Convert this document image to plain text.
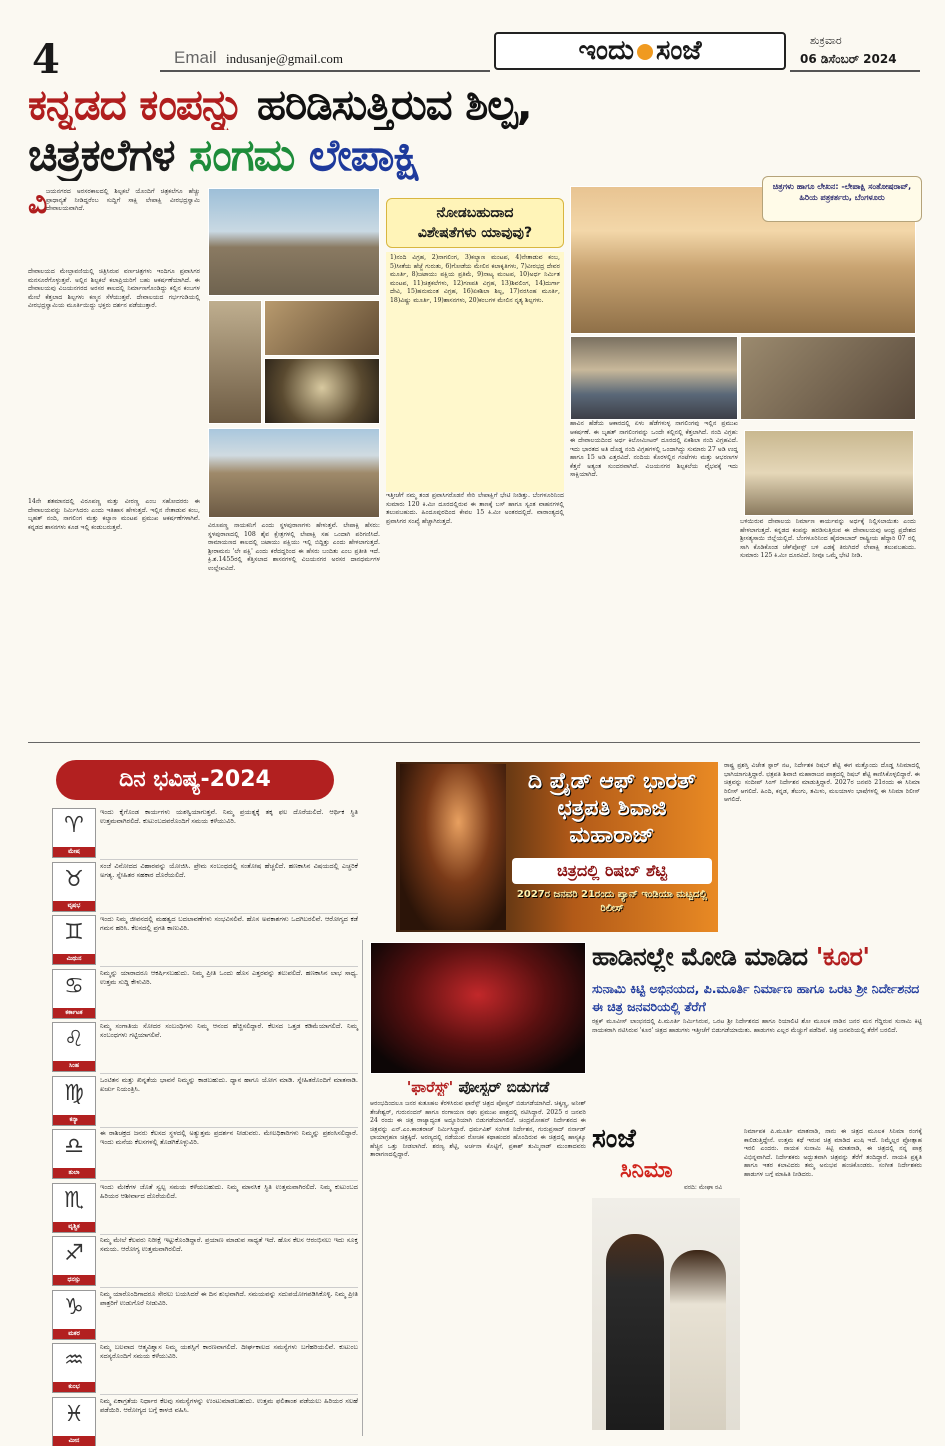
4	Email indusanje@gmail.com	ಇಂದು ಸಂಜೆ	ಶುಕ್ರವಾರ
06 ಡಿಸೆಂಬರ್ 2024
ಕನ್ನಡದ ಕಂಪನ್ನು ಹರಿಡಿಸುತ್ತಿರುವ ಶಿಲ್ಪ,
ಚಿತ್ರಕಲೆಗಳ ಸಂಗಮ ಲೇಪಾಕ್ಷಿ
ವಿ
ಜಯನಗರದ ಅರಸರಕಾಲದಲ್ಲಿ ಶಿಲ್ಪಕಲೆ ಯೊಂದಿಗೆ ಚಿತ್ರಕಲೆಗೂ ಹೆಚ್ಚು ಪ್ರಾಧಾನ್ಯತೆ ನೀಡಿದ್ದರೆಂಬ ಸುದ್ದಿಗೆ ಸಾಕ್ಷಿ ಲೇಪಾಕ್ಷಿ ವೀರಭದ್ರಸ್ವಾಮಿ ದೇವಾಲಯವಾಗಿದೆ.
ದೇವಾಲಯದ ಮೇಲ್ಛಾವಣಿಯಲ್ಲಿ ಚಿತ್ರಿಸಿರುವ ವರ್ಣಚಿತ್ರಗಳು ಇಂದಿಗೂ ಪ್ರವಾಸಿಗರ ಮನಸೂರೆಗೊಳ್ಳುತ್ತವೆ. ಅಲ್ಲಿನ ಶಿಲ್ಪಕಲೆ ಕಲಾಪ್ರಿಯರಿಗೆ ಬಹು ಆಕರ್ಷಣೆಯಾಗಿದೆ. ಈ ದೇವಾಲಯವು ವಿಜಯನಗರದ ಅರಸರ ಕಾಲದಲ್ಲಿ ನಿರ್ಮಾಣಗೊಂಡಿದ್ದು ಕಲ್ಲಿನ ಕಂಬಗಳ ಮೇಲೆ ಕೆತ್ತಲಾದ ಶಿಲ್ಪಗಳು ಕಣ್ಮನ ಸೆಳೆಯುತ್ತವೆ. ದೇವಾಲಯದ ಗರ್ಭಗುಡಿಯಲ್ಲಿ ವೀರಭದ್ರಸ್ವಾಮಿಯ ಮೂರ್ತಿಯಿದ್ದು ಭಕ್ತರು ದರ್ಶನ ಪಡೆಯುತ್ತಾರೆ.
14ನೇ ಶತಮಾನದಲ್ಲಿ ವಿರೂಪಣ್ಣ ಮತ್ತು ವೀರಣ್ಣ ಎಂಬ ಸಹೋದರರು ಈ ದೇವಾಲಯವನ್ನು ನಿರ್ಮಿಸಿದರು ಎಂದು ಇತಿಹಾಸ ಹೇಳುತ್ತದೆ. ಇಲ್ಲಿನ ನೇತಾಡುವ ಕಂಬ, ಬೃಹತ್ ನಂದಿ, ನಾಗಲಿಂಗ ಮತ್ತು ಕಲ್ಯಾಣ ಮಂಟಪ ಪ್ರಮುಖ ಆಕರ್ಷಣೆಗಳಾಗಿವೆ. ಕನ್ನಡದ ಶಾಸನಗಳು ಕೂಡ ಇಲ್ಲಿ ಕಂಡುಬರುತ್ತವೆ.	ವಿರೂಪಣ್ಣ ನಾಯಕನಿಗೆ ಎಂದು ಸ್ಥಳಪುರಾಣಗಳು ಹೇಳುತ್ತವೆ. ಲೇಪಾಕ್ಷಿ ಹೆಸರು: ಸ್ಥಳಪುರಾಣದಲ್ಲಿ 108 ಶೈವ ಕ್ಷೇತ್ರಗಳಲ್ಲಿ ಲೇಪಾಕ್ಷಿ ಸಹ ಒಂದಾಗಿ ಪರಿಗಣಿಸಿದೆ. ರಾಮಾಯಣದ ಕಾಲದಲ್ಲಿ ಜಟಾಯು ಪಕ್ಷಿಯು ಇಲ್ಲಿ ಬಿದ್ದಿತ್ತು ಎಂದು ಹೇಳಲಾಗುತ್ತದೆ. ಶ್ರೀರಾಮನು 'ಲೇ ಪಕ್ಷಿ' ಎಂದು ಕರೆದದ್ದರಿಂದ ಈ ಹೆಸರು ಬಂದಿತು ಎಂಬ ಪ್ರತೀತಿ ಇದೆ. ಕ್ರಿ.ಶ.1455ರಲ್ಲಿ ಕೆತ್ತಿಸಲಾದ ಶಾಸನಗಳಲ್ಲಿ ವಿಜಯನಗರ ಅರಸರ ದಾನಧರ್ಮಗಳ ಉಲ್ಲೇಖವಿದೆ.
ನೋಡಬಹುದಾದ
ವಿಶೇಷತೆಗಳು ಯಾವುವು?
1)ನಂದಿ ವಿಗ್ರಹ, 2)ನಾಗಲಿಂಗ, 3)ಕಲ್ಯಾಣ ಮಂಟಪ, 4)ನೇತಾಡುವ ಕಂಬ, 5)ಸೀತೆಯ ಹೆಜ್ಜೆ ಗುರುತು, 6)ಗೋಡೆಯ ಮೇಲಿನ ಕಲಾಕೃತಿಗಳು, 7)ವೀರಭದ್ರ ದೇವರ ಮೂರ್ತಿ, 8)ಜಟಾಯು ಪಕ್ಷಿಯ ಪ್ರತಿಮೆ, 9)ನಾಟ್ಯ ಮಂಟಪ, 10)ಅರ್ಧ ನಿರ್ಮಿತ ಮಂಟಪ, 11)ಚಿತ್ರಕಲೆಗಳು, 12)ಗಣಪತಿ ವಿಗ್ರಹ, 13)ಶಿವಲಿಂಗ, 14)ದುರ್ಗಾ ದೇವಿ, 15)ಹನುಮಂತ ವಿಗ್ರಹ, 16)ಏಕಶಿಲಾ ಶಿಲ್ಪ, 17)ನರಸಿಂಹ ಮೂರ್ತಿ, 18)ವಿಷ್ಣು ಮೂರ್ತಿ, 19)ಶಾಸನಗಳು, 20)ಕಂಬಗಳ ಮೇಲಿನ ನೃತ್ಯ ಶಿಲ್ಪಗಳು.
ಇತ್ತೀಚೆಗೆ ನಮ್ಮ ತಂಡ ಪ್ರವಾಸಿಗರೊಡನೆ ಸೇರಿ ಲೇಪಾಕ್ಷಿಗೆ ಭೇಟಿ ನೀಡಿತ್ತು. ಬೆಂಗಳೂರಿನಿಂದ ಸುಮಾರು 120 ಕಿ.ಮೀ ದೂರದಲ್ಲಿರುವ ಈ ತಾಣಕ್ಕೆ ಬಸ್ ಹಾಗೂ ಸ್ವಂತ ವಾಹನಗಳಲ್ಲಿ ತಲುಪಬಹುದು. ಹಿಂದೂಪುರದಿಂದ ಕೇವಲ 15 ಕಿ.ಮೀ ಅಂತರದಲ್ಲಿದೆ. ವಾರಾಂತ್ಯದಲ್ಲಿ ಪ್ರವಾಸಿಗರ ಸಂಖ್ಯೆ ಹೆಚ್ಚಾಗಿರುತ್ತದೆ.
ಚಿತ್ರಗಳು ಹಾಗೂ ಲೇಖನ: -ಲೇಪಾಕ್ಷಿ ಸಂತೋಷರಾವ್, ಹಿರಿಯ ಪತ್ರಕರ್ತರು, ಬೆಂಗಳೂರು
ಹಾವಿನ ಹೆಡೆಯ ಆಕಾರದಲ್ಲಿ ಏಳು ಹೆಡೆಗಳುಳ್ಳ ನಾಗಲಿಂಗವು ಇಲ್ಲಿನ ಪ್ರಮುಖ ಆಕರ್ಷಣೆ. ಈ ಬೃಹತ್ ನಾಗಲಿಂಗವನ್ನು ಒಂದೇ ಕಲ್ಲಿನಲ್ಲಿ ಕೆತ್ತಲಾಗಿದೆ. ನಂದಿ ವಿಗ್ರಹ: ಈ ದೇವಾಲಯದಿಂದ ಅರ್ಧ ಕಿಲೋಮೀಟರ್ ದೂರದಲ್ಲಿ ಏಕಶಿಲಾ ನಂದಿ ವಿಗ್ರಹವಿದೆ. ಇದು ಭಾರತದ ಅತಿ ದೊಡ್ಡ ನಂದಿ ವಿಗ್ರಹಗಳಲ್ಲಿ ಒಂದಾಗಿದ್ದು ಸುಮಾರು 27 ಅಡಿ ಉದ್ದ ಹಾಗೂ 15 ಅಡಿ ಎತ್ತರವಿದೆ. ನಂದಿಯ ಕೊರಳಲ್ಲಿನ ಗಂಟೆಗಳು ಮತ್ತು ಆಭರಣಗಳ ಕೆತ್ತನೆ ಅತ್ಯಂತ ಸುಂದರವಾಗಿದೆ. ವಿಜಯನಗರ ಶಿಲ್ಪಕಲೆಯ ವೈಭವಕ್ಕೆ ಇದು ಸಾಕ್ಷಿಯಾಗಿದೆ.
ಬಳಿಯಿರುವ ದೇವಾಲಯ ನಿರ್ಮಾಣ ಕಾರ್ಯವನ್ನು ಅರ್ಧಕ್ಕೆ ನಿಲ್ಲಿಸಲಾಯಿತು ಎಂದು ಹೇಳಲಾಗುತ್ತದೆ. ಕನ್ನಡದ ಕಂಪನ್ನು ಹರಡಿಸುತ್ತಿರುವ ಈ ದೇವಾಲಯವು ಆಂಧ್ರ ಪ್ರದೇಶದ ಶ್ರೀಸತ್ಯಸಾಯಿ ಜಿಲ್ಲೆಯಲ್ಲಿದೆ. ಬೆಂಗಳೂರಿನಿಂದ ಹೈದರಾಬಾದ್ ರಾಷ್ಟ್ರೀಯ ಹೆದ್ದಾರಿ 07 ರಲ್ಲಿ ಸಾಗಿ ಕೊಡಿಕೊಂಡ ಚೆಕ್‌ಪೋಸ್ಟ್ ಬಳಿ ಎಡಕ್ಕೆ ತಿರುಗಿದರೆ ಲೇಪಾಕ್ಷಿ ತಲುಪಬಹುದು. ಸುಮಾರು 125 ಕಿ.ಮೀ ದೂರವಿದೆ. ನೀವೂ ಒಮ್ಮೆ ಭೇಟಿ ನೀಡಿ.
ದಿನ ಭವಿಷ್ಯ-2024
♈
ಮೇಷ
ಇಂದು ಕೈಗೊಂಡ ಕಾರ್ಯಗಳು ಯಶಸ್ವಿಯಾಗುತ್ತವೆ. ನಿಮ್ಮ ಪ್ರಯತ್ನಕ್ಕೆ ತಕ್ಕ ಫಲ ದೊರೆಯಲಿದೆ. ಆರ್ಥಿಕ ಸ್ಥಿತಿ ಉತ್ತಮವಾಗಿರಲಿದೆ. ಕುಟುಂಬದವರೊಂದಿಗೆ ಸಮಯ ಕಳೆಯುವಿರಿ.
♉
ವೃಷಭ
ಸಂಜೆ ವಿನೋದದ ವಿಹಾರವನ್ನು ಯೋಜಿಸಿ. ಪ್ರೇಮ ಸಂಬಂಧದಲ್ಲಿ ಸಂತೋಷ ಹೆಚ್ಚಲಿದೆ. ಹಣಕಾಸಿನ ವಿಷಯದಲ್ಲಿ ಎಚ್ಚರಿಕೆ ಅಗತ್ಯ. ಸ್ನೇಹಿತರ ಸಹಕಾರ ದೊರೆಯಲಿದೆ.
♊
ಮಿಥುನ
ಇಂದು ನಿಮ್ಮ ಜೀವನದಲ್ಲಿ ಮಹತ್ವದ ಬದಲಾವಣೆಗಳು ಸಂಭವಿಸಲಿವೆ. ಹೊಸ ಅವಕಾಶಗಳು ಒದಗಿಬರಲಿವೆ. ಆರೋಗ್ಯದ ಕಡೆ ಗಮನ ಹರಿಸಿ. ಕೆಲಸದಲ್ಲಿ ಪ್ರಗತಿ ಕಾಣುವಿರಿ.
♋
ಕರ್ಕಾಟಕ
ನಿಮ್ಮನ್ನು ಯಾರಾದರೂ ಆಕರ್ಷಿಸಬಹುದು. ನಿಮ್ಮ ಪ್ರೀತಿ ಒಂದು ಹೊಸ ಎತ್ತರವನ್ನು ತಲುಪಲಿದೆ. ಹಣಕಾಸಿನ ಲಾಭ ಸಾಧ್ಯ. ಉತ್ತಮ ಸುದ್ದಿ ಕೇಳುವಿರಿ.
♌
ಸಿಂಹ
ನಿಮ್ಮ ಸಂಗಾತಿಯ ಸೋದರ ಸಂಬಂಧಿಗಳು ನಿಮ್ಮ ಆನಂದ ಹೆಚ್ಚಿಸಲಿದ್ದಾರೆ. ಕೆಲಸದ ಒತ್ತಡ ಕಡಿಮೆಯಾಗಲಿದೆ. ನಿಮ್ಮ ಸಂಬಂಧಗಳು ಗಟ್ಟಿಯಾಗಲಿವೆ.
♍
ಕನ್ಯಾ
ಒಂಟಿತನ ಮತ್ತು ಖಿನ್ನತೆಯ ಭಾವನೆ ನಿಮ್ಮನ್ನು ಕಾಡಬಹುದು. ಧ್ಯಾನ ಹಾಗೂ ಯೋಗ ಮಾಡಿ. ಸ್ನೇಹಿತರೊಂದಿಗೆ ಮಾತನಾಡಿ. ಖರ್ಚು ನಿಯಂತ್ರಿಸಿ.
♎
ತುಲಾ
ಈ ರಾಶಿಚಕ್ರದ ಜನರು ಕೆಲಸದ ಸ್ಥಳದಲ್ಲಿ ಅತ್ಯುತ್ತಮ ಪ್ರದರ್ಶನ ನೀಡುವರು. ಮೇಲಧಿಕಾರಿಗಳು ನಿಮ್ಮನ್ನು ಪ್ರಶಂಸಿಸಲಿದ್ದಾರೆ. ಇಂದು ಮನೆಯ ಕೆಲಸಗಳಲ್ಲಿ ತೊಡಗಿಕೊಳ್ಳುವಿರಿ.
♏
ವೃಶ್ಚಿಕ
ಇಂದು ಮೇಕೆಗಳ ಜೊತೆ ಸ್ವಲ್ಪ ಸಮಯ ಕಳೆಯಬಹುದು. ನಿಮ್ಮ ಮಾನಸಿಕ ಸ್ಥಿತಿ ಉತ್ತಮವಾಗಿರಲಿದೆ. ನಿಮ್ಮ ಕುಟುಂಬದ ಹಿರಿಯರ ಆಶೀರ್ವಾದ ದೊರೆಯಲಿದೆ.
♐
ಧನಸ್ಸು
ನಿಮ್ಮ ಮೇಲೆ ಕೆಲವರು ನಿರೀಕ್ಷೆ ಇಟ್ಟುಕೊಂಡಿದ್ದಾರೆ. ಪ್ರಯಾಣ ಮಾಡುವ ಸಾಧ್ಯತೆ ಇದೆ. ಹೊಸ ಕೆಲಸ ಆರಂಭಿಸಲು ಇದು ಸೂಕ್ತ ಸಮಯ. ಆರೋಗ್ಯ ಉತ್ತಮವಾಗಿರಲಿದೆ.
♑
ಮಕರ
ನಿಮ್ಮ ಯಾರೊಂದಿಗಾದರೂ ಸೇರಲು ಬಯಸಿದರೆ ಈ ದಿನ ಶುಭವಾಗಿದೆ. ಸಮಯವನ್ನು ಸದುಪಯೋಗಪಡಿಸಿಕೊಳ್ಳಿ. ನಿಮ್ಮ ಪ್ರೀತಿ ಪಾತ್ರರಿಗೆ ಉಡುಗೊರೆ ನೀಡುವಿರಿ.
♒
ಕುಂಭ
ನಿಮ್ಮ ಬಲವಾದ ಆತ್ಮವಿಶ್ವಾಸ ನಿಮ್ಮ ಯಶಸ್ಸಿಗೆ ಕಾರಣವಾಗಲಿದೆ. ದೀರ್ಘಕಾಲದ ಸಮಸ್ಯೆಗಳು ಬಗೆಹರಿಯಲಿವೆ. ಕುಟುಂಬ ಸದಸ್ಯರೊಂದಿಗೆ ಸಮಯ ಕಳೆಯುವಿರಿ.
♓
ಮೀನ
ನಿಮ್ಮ ಏಕಾಗ್ರತೆಯ ನಿರ್ಧಾರ ಕೆಲವು ಸಮಸ್ಯೆಗಳನ್ನು ಉಂಟುಮಾಡಬಹುದು. ಉತ್ತಮ ಫಲಿತಾಂಶ ಪಡೆಯಲು ಹಿರಿಯರ ಸಲಹೆ ಪಡೆಯಿರಿ. ಆರೋಗ್ಯದ ಬಗ್ಗೆ ಕಾಳಜಿ ವಹಿಸಿ.
ದಿ ಪ್ರೈಡ್ ಆಫ್ ಭಾರತ್ ಛತ್ರಪತಿ ಶಿವಾಜಿ ಮಹಾರಾಜ್
ಚಿತ್ರದಲ್ಲಿ ರಿಷಬ್ ಶೆಟ್ಟಿ
2027ರ ಜನವರಿ 21ರಂದು ಪ್ಯಾನ್ ಇಂಡಿಯಾ ಮಟ್ಟದಲ್ಲಿ ರಿಲೀಸ್
ರಾಷ್ಟ್ರ ಪ್ರಶಸ್ತಿ ವಿಜೇತ ಸ್ಟಾರ್ ನಟ, ನಿರ್ದೇಶಕ ರಿಷಬ್ ಶೆಟ್ಟಿ ಈಗ ಮತ್ತೊಂದು ದೊಡ್ಡ ಸಿನಿಮಾದಲ್ಲಿ ಭಾಗಿಯಾಗುತ್ತಿದ್ದಾರೆ. ಛತ್ರಪತಿ ಶಿವಾಜಿ ಮಹಾರಾಜರ ಪಾತ್ರದಲ್ಲಿ ರಿಷಬ್ ಶೆಟ್ಟಿ ಕಾಣಿಸಿಕೊಳ್ಳಲಿದ್ದಾರೆ. ಈ ಚಿತ್ರವನ್ನು ಸಂದೀಪ್ ಸಿಂಗ್ ನಿರ್ದೇಶನ ಮಾಡುತ್ತಿದ್ದಾರೆ. 2027ರ ಜನವರಿ 21ರಂದು ಈ ಸಿನಿಮಾ ರಿಲೀಸ್ ಆಗಲಿದೆ. ಹಿಂದಿ, ಕನ್ನಡ, ತೆಲುಗು, ತಮಿಳು, ಮಲಯಾಳಂ ಭಾಷೆಗಳಲ್ಲಿ ಈ ಸಿನಿಮಾ ರಿಲೀಸ್ ಆಗಲಿದೆ.
'ಫಾರೆಸ್ಟ್' ಪೋಸ್ಟರ್ ಬಿಡುಗಡೆ
ಆರಂಭದಿಂದಲೂ ಜನರ ಕುತೂಹಲ ಕೆರಳಿಸಿರುವ ಫಾರೆಸ್ಟ್ ಚಿತ್ರದ ಪೋಸ್ಟರ್ ಬಿಡುಗಡೆಯಾಗಿದೆ. ಚಿಕ್ಕಣ್ಣ, ಅನೀಶ್ ತೇಜೇಶ್ವರ್, ಗುರುನಂದನ್ ಹಾಗೂ ರಂಗಾಯಣ ರಘು ಪ್ರಮುಖ ಪಾತ್ರದಲ್ಲಿ ನಟಿಸಿದ್ದಾರೆ. 2025 ರ ಜನವರಿ 24 ರಂದು ಈ ಚಿತ್ರ ರಾಜ್ಯಾದ್ಯಂತ ಅದ್ದೂರಿಯಾಗಿ ಬಿಡುಗಡೆಯಾಗಲಿದೆ. ಚಂದ್ರಮೋಹನ್ ನಿರ್ದೇಶನದ ಈ ಚಿತ್ರವನ್ನು ಎನ್.ಎಂ.ಕಾಂತರಾಜ್ ನಿರ್ಮಿಸಿದ್ದಾರೆ. ಧರ್ಮವಿಶ್ ಸಂಗೀತ ನಿರ್ದೇಶನ, ಗುರುಪ್ರಸಾದ್ ನರ್ನಾಡ್ ಛಾಯಾಗ್ರಹಣ ಚಿತ್ರಕ್ಕಿದೆ. ಅರಣ್ಯದಲ್ಲಿ ನಡೆಯುವ ರೋಚಕ ಕಥಾಹಂದರ ಹೊಂದಿರುವ ಈ ಚಿತ್ರದಲ್ಲಿ ಹಾಸ್ಯಕ್ಕೂ ಹೆಚ್ಚಿನ ಒತ್ತು ನೀಡಲಾಗಿದೆ. ಶರಣ್ಯ ಶೆಟ್ಟಿ, ಅರ್ಚನಾ ಕೊಟ್ಟಿಗೆ, ಪ್ರಕಾಶ್ ತುಮ್ಮಿನಾಡ್ ಮುಂತಾದವರು ತಾರಾಗಣದಲ್ಲಿದ್ದಾರೆ.
ಹಾಡಿನಲ್ಲೇ ಮೋಡಿ ಮಾಡಿದ 'ಕೂರ'
ಸುನಾಮಿ ಕಿಟ್ಟಿ ಅಭಿನಯದ, ಪಿ.ಮೂರ್ತಿ ನಿರ್ಮಾಣ ಹಾಗೂ ಒರಟ ಶ್ರೀ ನಿರ್ದೇಶನದ ಈ ಚಿತ್ರ ಜನವರಿಯಲ್ಲಿ ತೆರೆಗೆ
ರಕ್ಷಕ್ ಮೂವೀಸ್ ಲಾಂಛನದಲ್ಲಿ ಪಿ.ಮೂರ್ತಿ ನಿರ್ಮಿಸಿರುವ, ಒರಟ ಶ್ರೀ ನಿರ್ದೇಶನದ ಹಾಗೂ ರಿಯಾಲಿಟಿ ಶೋ ಮೂಲಕ ನಾಡಿನ ಜನರ ಮನ ಗೆದ್ದಿರುವ ಸುನಾಮಿ ಕಿಟ್ಟಿ ನಾಯಕರಾಗಿ ನಟಿಸಿರುವ 'ಕೂರ' ಚಿತ್ರದ ಹಾಡುಗಳು ಇತ್ತೀಚೆಗೆ ಬಿಡುಗಡೆಯಾಯಿತು. ಹಾಡುಗಳು ಎಲ್ಲರ ಮೆಚ್ಚುಗೆ ಪಡೆದಿವೆ. ಚಿತ್ರ ಜನವರಿಯಲ್ಲಿ ತೆರೆಗೆ ಬರಲಿದೆ.
ಸಂಜೆ
ಸಿನಿಮಾ
ವರದಿ: ಮೇಘಾ ರವಿ
ನಿರ್ಮಾಪಕ ಪಿ.ಮೂರ್ತಿ ಮಾತನಾಡಿ, ನಾನು ಈ ಚಿತ್ರದ ಮೂಲಕ ಸಿನಿಮಾ ರಂಗಕ್ಕೆ ಕಾಲಿಡುತ್ತಿದ್ದೇನೆ. ಉತ್ತಮ ಕಥೆ ಇರುವ ಚಿತ್ರ ಮಾಡಿದ ಖುಷಿ ಇದೆ. ನಿಮ್ಮೆಲ್ಲರ ಪ್ರೋತ್ಸಾಹ ಇರಲಿ ಎಂದರು. ನಾಯಕ ಸುನಾಮಿ ಕಿಟ್ಟಿ ಮಾತನಾಡಿ, ಈ ಚಿತ್ರದಲ್ಲಿ ನನ್ನ ಪಾತ್ರ ವಿಭಿನ್ನವಾಗಿದೆ. ನಿರ್ದೇಶಕರು ಅದ್ಭುತವಾಗಿ ಚಿತ್ರವನ್ನು ತೆರೆಗೆ ತಂದಿದ್ದಾರೆ. ನಾಯಕಿ ಪ್ರಕೃತಿ ಹಾಗೂ ಇತರ ಕಲಾವಿದರು ತಮ್ಮ ಅನುಭವ ಹಂಚಿಕೊಂಡರು. ಸಂಗೀತ ನಿರ್ದೇಶಕರು ಹಾಡುಗಳ ಬಗ್ಗೆ ಮಾಹಿತಿ ನೀಡಿದರು.
